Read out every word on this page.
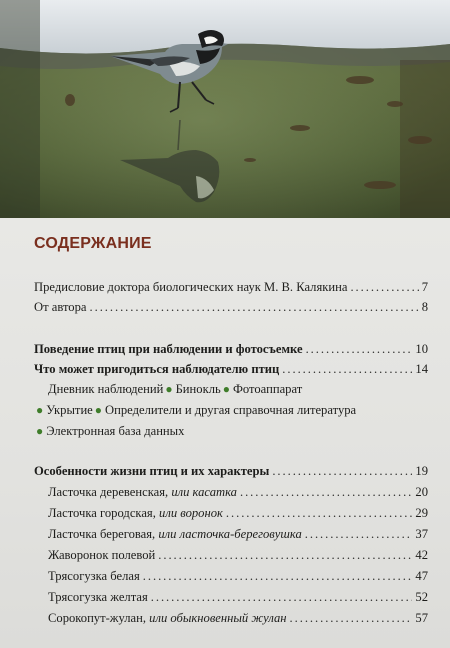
СОДЕРЖАНИЕ
Предисловие доктора биологических наук М. В. Калякина . . .	7
От автора . . .	8
Поведение птиц при наблюдении и фотосъемке . . .	10
Что может пригодиться наблюдателю птиц . . .	14
Дневник наблюдений ● Бинокль ● Фотоаппарат
● Укрытие ● Определители и другая справочная литература
● Электронная база данных
Особенности жизни птиц и их характеры . . .	19
Ласточка деревенская, или касатка . . .	20
Ласточка городская, или воронок . . .	29
Ласточка береговая, или ласточка-береговушка . . .	37
Жаворонок полевой . . .	42
Трясогузка белая . . .	47
Трясогузка желтая . . .	52
Сорокопут-жулан, или обыкновенный жулан . . .	57
